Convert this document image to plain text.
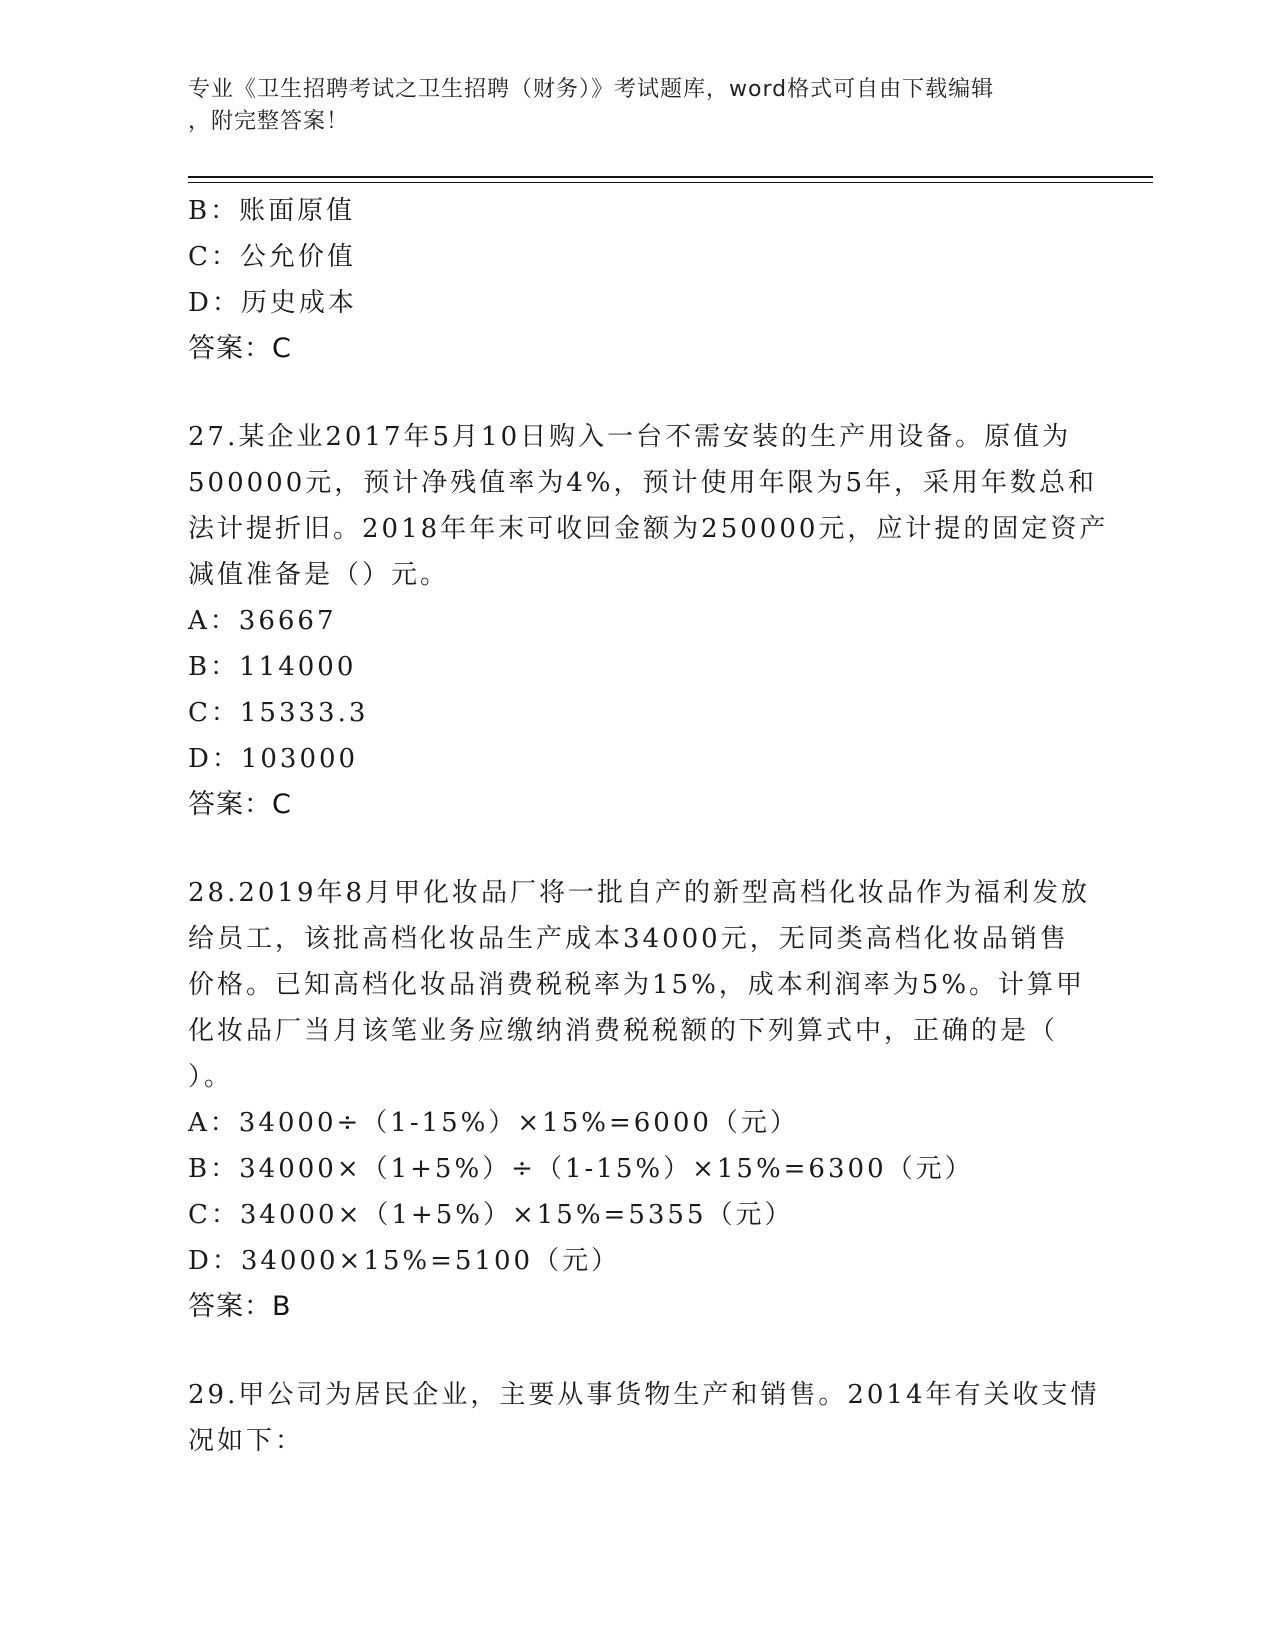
专业《卫生招聘考试之卫生招聘（财务）》考试题库，word格式可自由下载编辑
，附完整答案！
B：账面原值
C：公允价值
D：历史成本
答案：C
27.某企业2017年5月10日购入一台不需安装的生产用设备。原值为
500000元，预计净残值率为4%，预计使用年限为5年，采用年数总和
法计提折旧。2018年年末可收回金额为250000元，应计提的固定资产
减值准备是（）元。
A：36667
B：114000
C：15333.3
D：103000
答案：C
28.2019年8月甲化妆品厂将一批自产的新型高档化妆品作为福利发放
给员工，该批高档化妆品生产成本34000元，无同类高档化妆品销售
价格。已知高档化妆品消费税税率为15%，成本利润率为5%。计算甲
化妆品厂当月该笔业务应缴纳消费税税额的下列算式中，正确的是（
）。
A：34000÷（1-15%）×15%=6000（元）
B：34000×（1+5%）÷（1-15%）×15%=6300（元）
C：34000×（1+5%）×15%=5355（元）
D：34000×15%=5100（元）
答案：B
29.甲公司为居民企业，主要从事货物生产和销售。2014年有关收支情
况如下：
